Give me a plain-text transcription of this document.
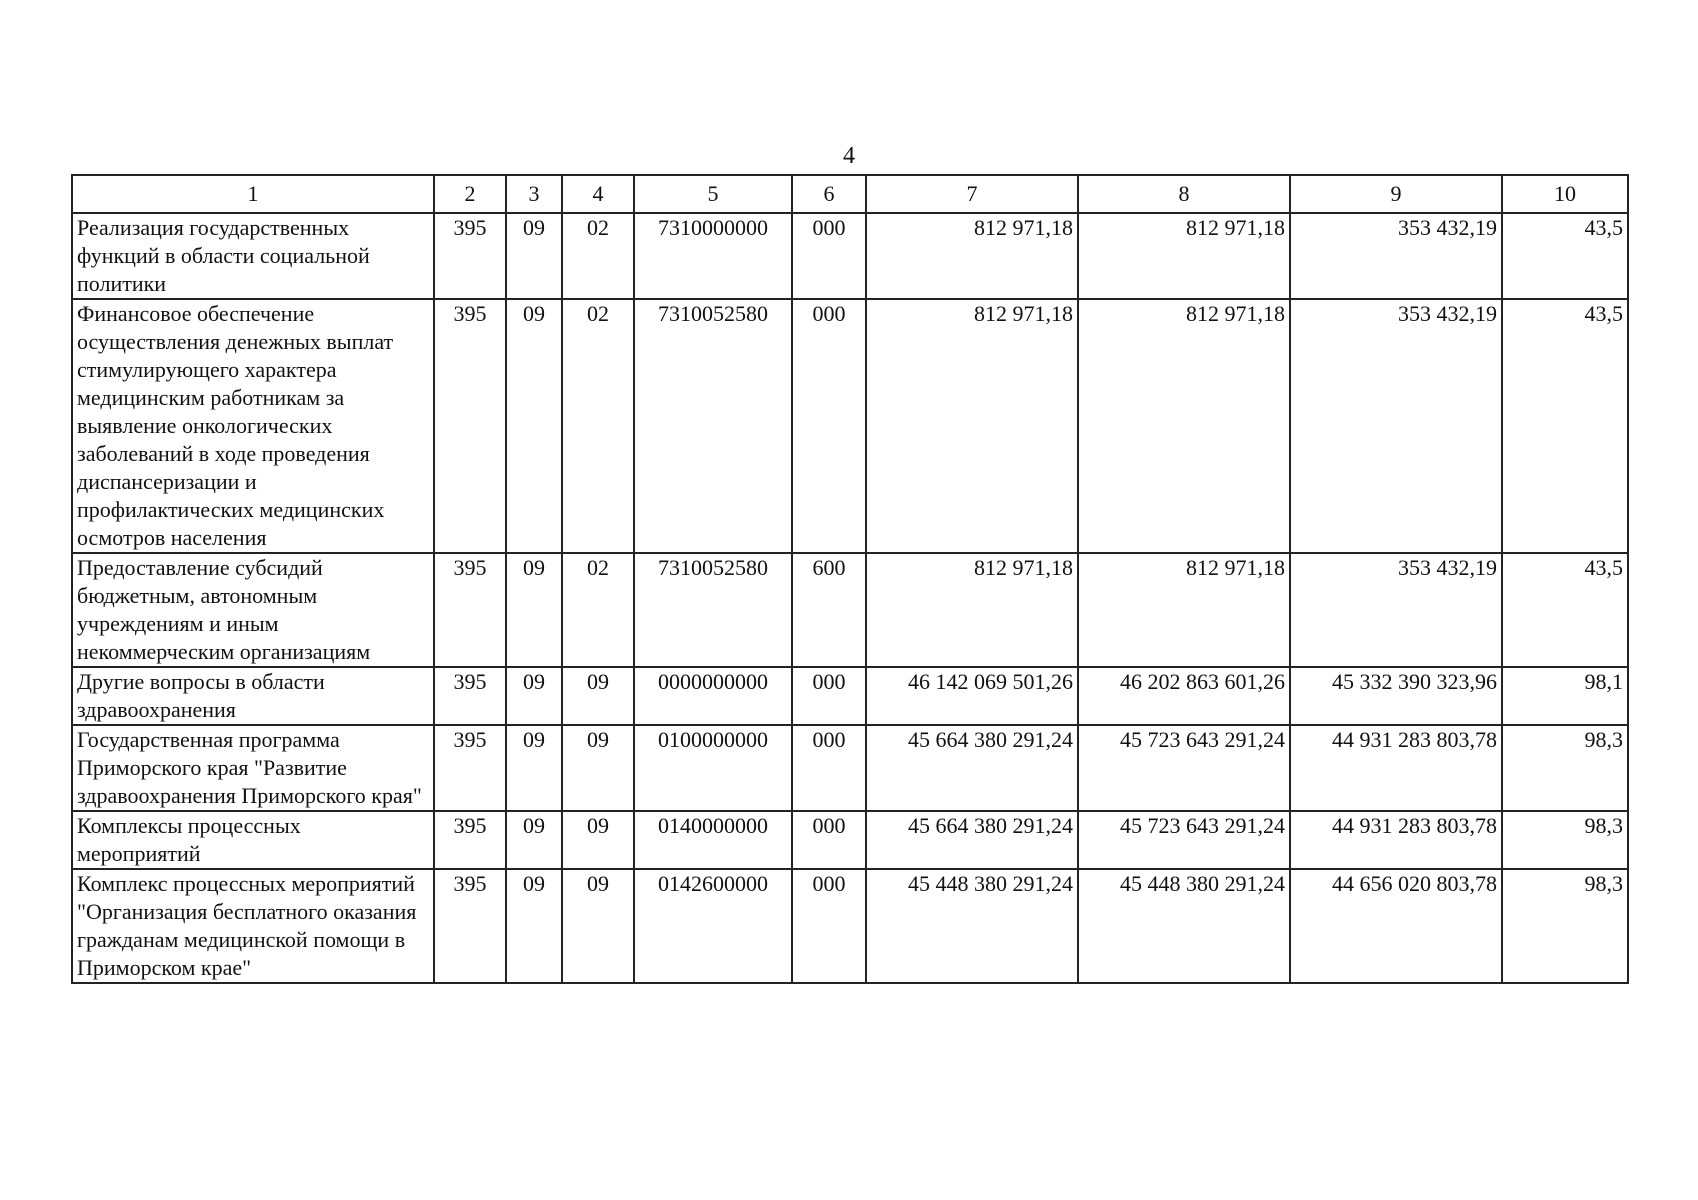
4
1	2	3	4	5	6	7	8	9	10
Реализация государственных функций в области социальной политики	395	09	02	7310000000	000	812 971,18	812 971,18	353 432,19	43,5
Финансовое обеспечение осуществления денежных выплат стимулирующего характера медицинским работникам за выявление онкологических заболеваний в ходе проведения диспансеризации и профилактических медицинских осмотров населения	395	09	02	7310052580	000	812 971,18	812 971,18	353 432,19	43,5
Предоставление субсидий бюджетным, автономным учреждениям и иным некоммерческим организациям	395	09	02	7310052580	600	812 971,18	812 971,18	353 432,19	43,5
Другие вопросы в области здравоохранения	395	09	09	0000000000	000	46 142 069 501,26	46 202 863 601,26	45 332 390 323,96	98,1
Государственная программа Приморского края "Развитие здравоохранения Приморского края"	395	09	09	0100000000	000	45 664 380 291,24	45 723 643 291,24	44 931 283 803,78	98,3
Комплексы процессных мероприятий	395	09	09	0140000000	000	45 664 380 291,24	45 723 643 291,24	44 931 283 803,78	98,3
Комплекс процессных мероприятий "Организация бесплатного оказания гражданам медицинской помощи в Приморском крае"	395	09	09	0142600000	000	45 448 380 291,24	45 448 380 291,24	44 656 020 803,78	98,3
